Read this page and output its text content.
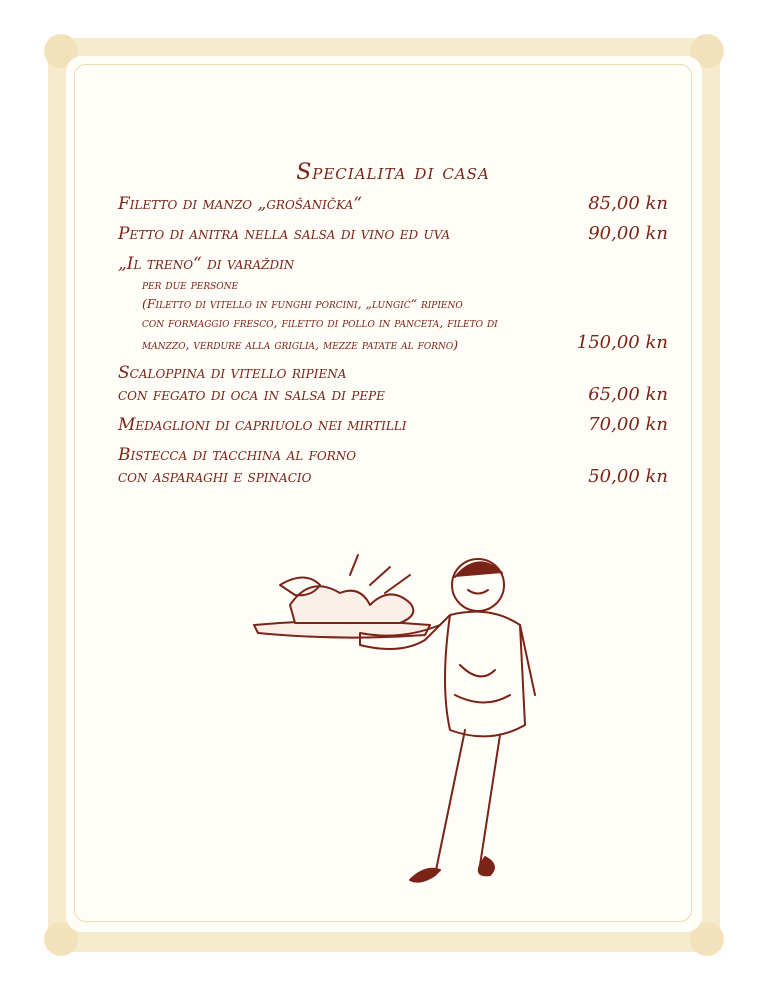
Specialita di casa
Filetto di manzo „grošanička“	85,00 kn
Petto di anitra nella salsa di vino ed uva	90,00 kn
„Il treno“ di varaždin
per due persone
(Filetto di vitello in funghi porcini, „lungić“ ripieno
con formaggio fresco, filetto di pollo in panceta, fileto di
manzzo, verdure alla griglia, mezze patate al forno)	150,00 kn
Scaloppina di vitello ripiena
con fegato di oca in salsa di pepe	65,00 kn
Medaglioni di capriuolo nei mirtilli	70,00 kn
Bistecca di tacchina al forno
con asparaghi e spinacio	50,00 kn
